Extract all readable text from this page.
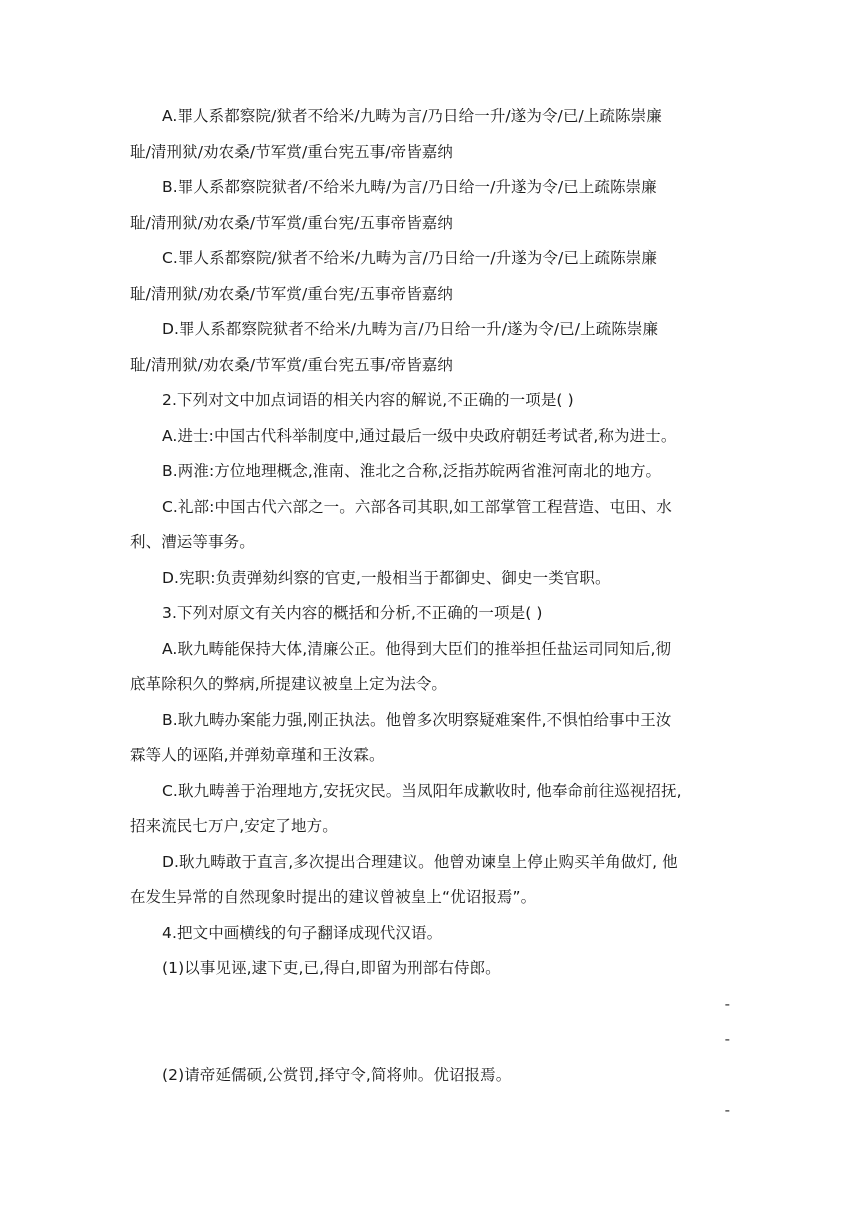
A.罪人系都察院/狱者不给米/九畴为言/乃日给一升/遂为令/已/上疏陈崇廉
耻/清刑狱/劝农桑/节军赏/重台宪五事/帝皆嘉纳
B.罪人系都察院狱者/不给米九畴/为言/乃日给一/升遂为令/已上疏陈崇廉
耻/清刑狱/劝农桑/节军赏/重台宪/五事帝皆嘉纳
C.罪人系都察院/狱者不给米/九畴为言/乃日给一/升遂为令/已上疏陈崇廉
耻/清刑狱/劝农桑/节军赏/重台宪/五事帝皆嘉纳
D.罪人系都察院狱者不给米/九畴为言/乃日给一升/遂为令/已/上疏陈崇廉
耻/清刑狱/劝农桑/节军赏/重台宪五事/帝皆嘉纳
2.下列对文中加点词语的相关内容的解说,不正确的一项是( )
A.进士:中国古代科举制度中,通过最后一级中央政府朝廷考试者,称为进士。
B.两淮:方位地理概念,淮南、淮北之合称,泛指苏皖两省淮河南北的地方。
C.礼部:中国古代六部之一。六部各司其职,如工部掌管工程营造、屯田、水
利、漕运等事务。
D.宪职:负责弹劾纠察的官吏,一般相当于都御史、御史一类官职。
3.下列对原文有关内容的概括和分析,不正确的一项是( )
A.耿九畴能保持大体,清廉公正。他得到大臣们的推举担任盐运司同知后,彻
底革除积久的弊病,所提建议被皇上定为法令。
B.耿九畴办案能力强,刚正执法。他曾多次明察疑难案件,不惧怕给事中王汝
霖等人的诬陷,并弹劾章瑾和王汝霖。
C.耿九畴善于治理地方,安抚灾民。当凤阳年成歉收时, 他奉命前往巡视招抚,
招来流民七万户,安定了地方。
D.耿九畴敢于直言,多次提出合理建议。他曾劝谏皇上停止购买羊角做灯, 他
在发生异常的自然现象时提出的建议曾被皇上“优诏报焉”。
4.把文中画横线的句子翻译成现代汉语。
(1)以事见诬,逮下吏,已,得白,即留为刑部右侍郎。
-
-
(2)请帝延儒硕,公赏罚,择守令,简将帅。优诏报焉。
-
